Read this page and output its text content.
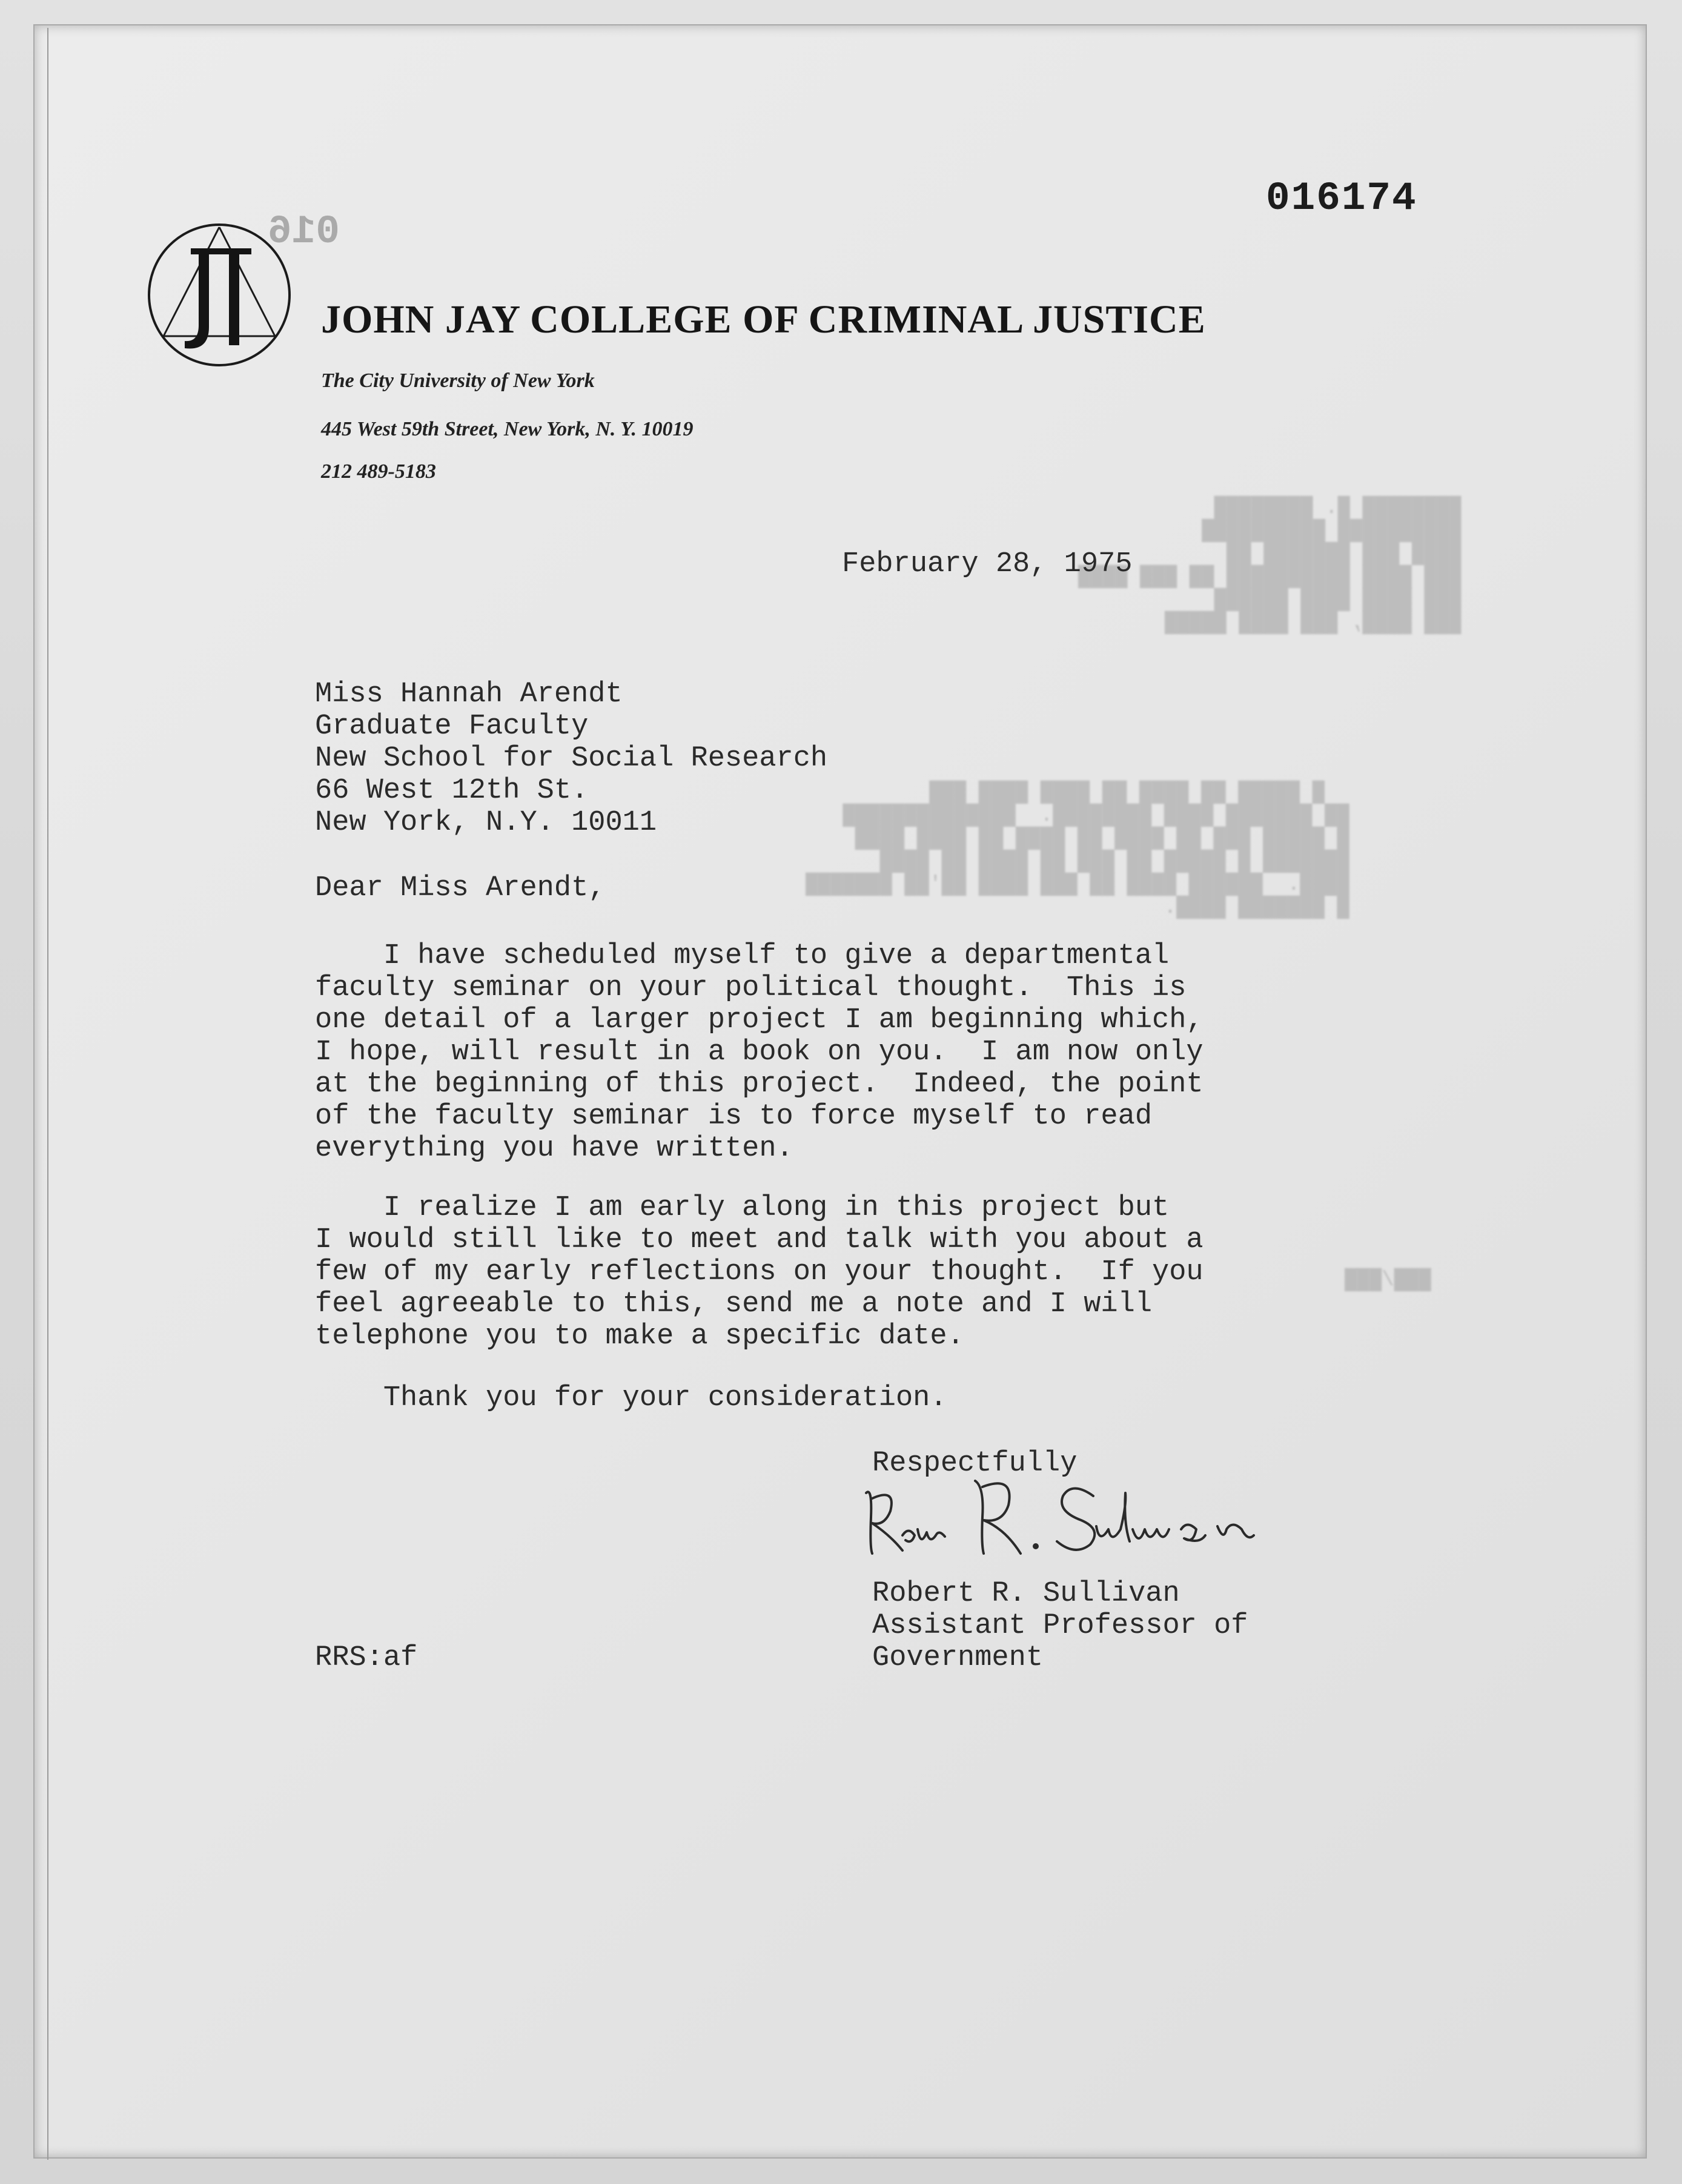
████████ █. ████████
██████████ ██████████
████ ███ ███████ ██
███ ████ ██████████ ██ ███ ████
███ ████ ████ ██████
███ ████, ███ ████ █████
█ █████ ██ ████ ██ ████ ████ ███
██ ███████ ████ ████████.  ██████████████
█ █████ ███ ██ ████ ██ ████ ██ ████ ████
███████ █ █████ ██ ███ ██ ████ ██ ████
████.  ██████ ████ ██ ███ ████ ██'██ ███████
█ ███████ ████.
███/███
016174
016
JOHN JAY COLLEGE OF CRIMINAL JUSTICE
The City University of New York
445 West 59th Street, New York, N. Y. 10019
212 489-5183
February 28, 1975
Miss Hannah Arendt
Graduate Faculty
New School for Social Research
66 West 12th St.
New York, N.Y. 10011
Dear Miss Arendt,
I have scheduled myself to give a departmental
faculty seminar on your political thought.  This is
one detail of a larger project I am beginning which,
I hope, will result in a book on you.  I am now only
at the beginning of this project.  Indeed, the point
of the faculty seminar is to force myself to read
everything you have written.
I realize I am early along in this project but
I would still like to meet and talk with you about a
few of my early reflections on your thought.  If you
feel agreeable to this, send me a note and I will
telephone you to make a specific date.
Thank you for your consideration.
Respectfully
Robert R. Sullivan
Assistant Professor of
Government
RRS:af
